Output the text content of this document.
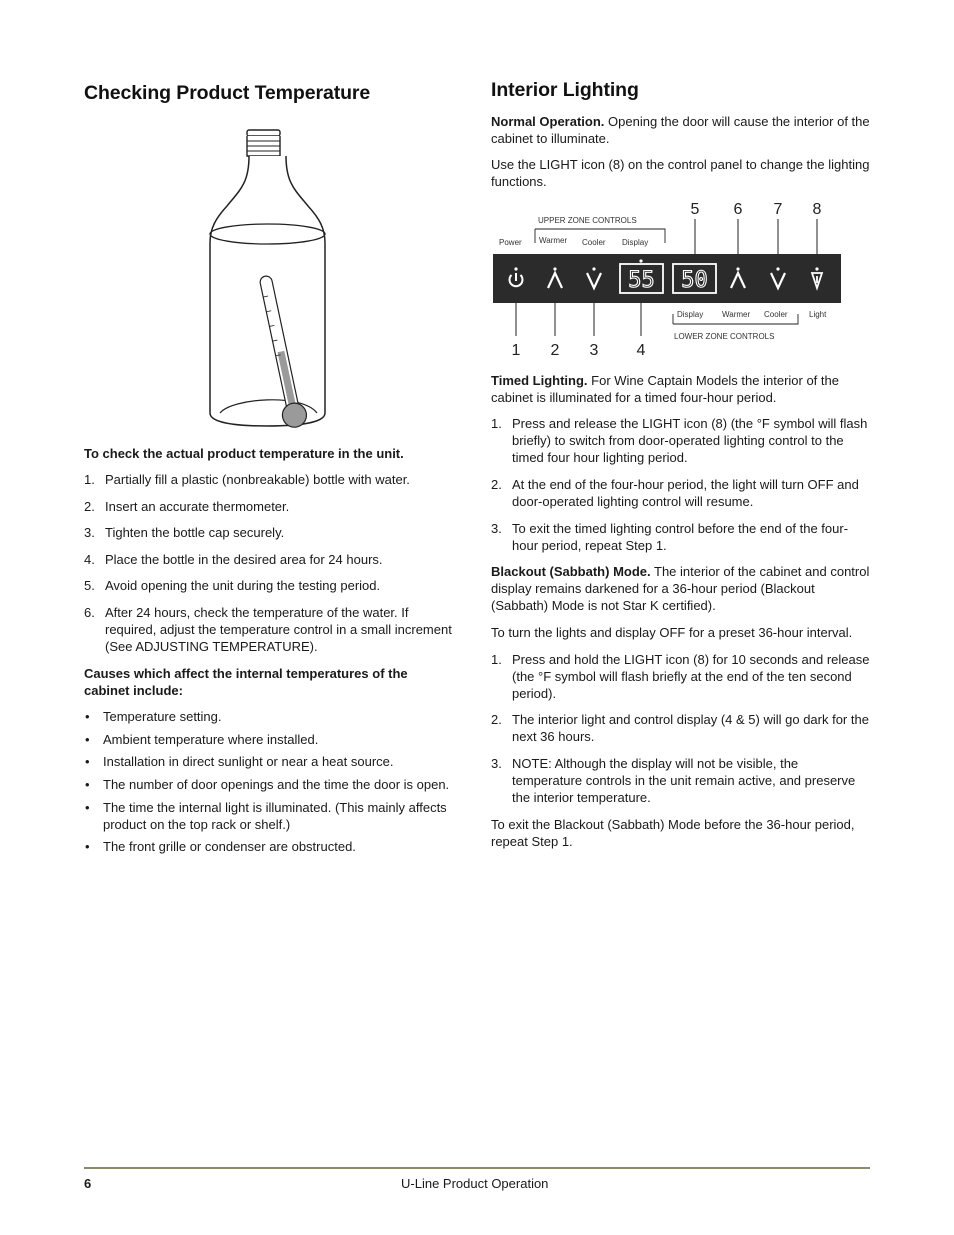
Checking Product Temperature
To check the actual product temperature in the unit.
1. Partially fill a plastic (nonbreakable) bottle with water.
2. Insert an accurate thermometer.
3. Tighten the bottle cap securely.
4. Place the bottle in the desired area for 24 hours.
5. Avoid opening the unit during the testing period.
6. After 24 hours, check the temperature of the water. If required, adjust the temperature control in a small increment (See ADJUSTING TEMPERATURE).
Causes which affect the internal temperatures of the cabinet include:
• Temperature setting.
• Ambient temperature where installed.
• Installation in direct sunlight or near a heat source.
• The number of door openings and the time the door is open.
• The time the internal light is illuminated. (This mainly affects product on the top rack or shelf.)
• The front grille or condenser are obstructed.
Interior Lighting
Normal Operation. Opening the door will cause the interior of the cabinet to illuminate.
Use the LIGHT icon (8) on the control panel to change the lighting functions.
5 6 7 8
UPPER ZONE CONTROLS
Power Warmer Cooler Display
55 50
Display Warmer Cooler	Light
LOWER ZONE CONTROLS
1 2 3 4
Timed Lighting. For Wine Captain Models the interior of the cabinet is illuminated for a timed four-hour period.
1. Press and release the LIGHT icon (8) (the °F symbol will flash briefly) to switch from door-operated lighting control to the timed four hour lighting period.
2. At the end of the four-hour period, the light will turn OFF and door-operated lighting control will resume.
3. To exit the timed lighting control before the end of the four-hour period, repeat Step 1.
Blackout (Sabbath) Mode. The interior of the cabinet and control display remains darkened for a 36-hour period (Blackout (Sabbath) Mode is not Star K certified).
To turn the lights and display OFF for a preset 36-hour interval.
1. Press and hold the LIGHT icon (8) for 10 seconds and release (the °F symbol will flash briefly at the end of the ten second period).
2. The interior light and control display (4 & 5) will go dark for the next 36 hours.
3. NOTE: Although the display will not be visible, the temperature controls in the unit remain active, and preserve the interior temperature.
To exit the Blackout (Sabbath) Mode before the 36-hour period, repeat Step 1.
6	U-Line Product Operation
